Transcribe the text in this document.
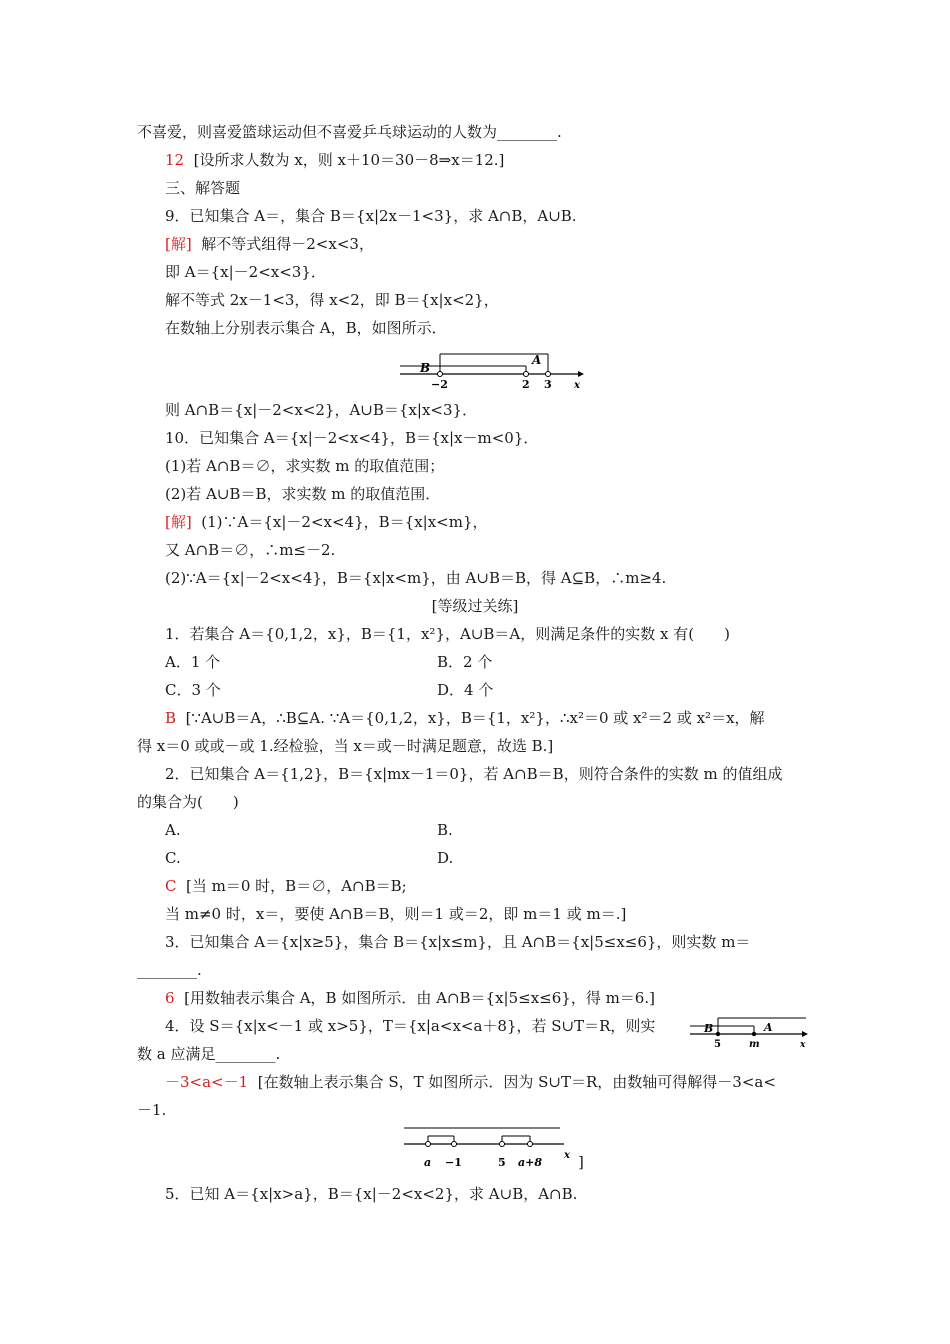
不喜爱，则喜爱篮球运动但不喜爱乒乓球运动的人数为________.
12 [设所求人数为 x，则 x＋10＝30－8⇒x＝12.]
三、解答题
9．已知集合 A＝，集合 B＝{x|2x－1<3}，求 A∩B，A∪B.
[解] 解不等式组得－2<x<3，
即 A＝{x|－2<x<3}．
解不等式 2x－1<3，得 x<2，即 B＝{x|x<2}，
在数轴上分别表示集合 A，B，如图所示．
B
A
−2	2 3 x
则 A∩B＝{x|－2<x<2}，A∪B＝{x|x<3}．
10．已知集合 A＝{x|－2<x<4}，B＝{x|x－m<0}．
(1)若 A∩B＝∅，求实数 m 的取值范围；
(2)若 A∪B＝B，求实数 m 的取值范围．
[解] (1)∵A＝{x|－2<x<4}，B＝{x|x<m}，
又 A∩B＝∅，∴m≤－2.
(2)∵A＝{x|－2<x<4}，B＝{x|x<m}，由 A∪B＝B，得 A⊆B，∴m≥4.
[等级过关练]
1．若集合 A＝{0,1,2，x}，B＝{1，x²}，A∪B＝A，则满足条件的实数 x 有(　　)
A．1 个	B．2 个
C．3 个	D．4 个
B [∵A∪B＝A，∴B⊆A. ∵A＝{0,1,2，x}，B＝{1，x²}，∴x²＝0 或 x²＝2 或 x²＝x，解
得 x＝0 或或－或 1.经检验，当 x＝或－时满足题意，故选 B.]
2．已知集合 A＝{1,2}，B＝{x|mx－1＝0}，若 A∩B＝B，则符合条件的实数 m 的值组成
的集合为(　　)
A.	B.
C.	D.
C [当 m＝0 时，B＝∅，A∩B＝B;
当 m≠0 时，x＝，要使 A∩B＝B，则＝1 或＝2，即 m＝1 或 m＝.]
3．已知集合 A＝{x|x≥5}，集合 B＝{x|x≤m}，且 A∩B＝{x|5≤x≤6}，则实数 m＝
________.
6 [用数轴表示集合 A，B 如图所示．由 A∩B＝{x|5≤x≤6}，得 m＝6.]
4．设 S＝{x|x<－1 或 x>5}，T＝{x|a<x<a＋8}，若 S∪T＝R，则实
数 a 应满足________.
B	A
5	m	x
－3<a<－1 [在数轴上表示集合 S，T 如图所示．因为 S∪T＝R，由数轴可得解得－3<a<
－1.
a −1	5 a+8
x ]
5．已知 A＝{x|x>a}，B＝{x|－2<x<2}，求 A∪B，A∩B.
